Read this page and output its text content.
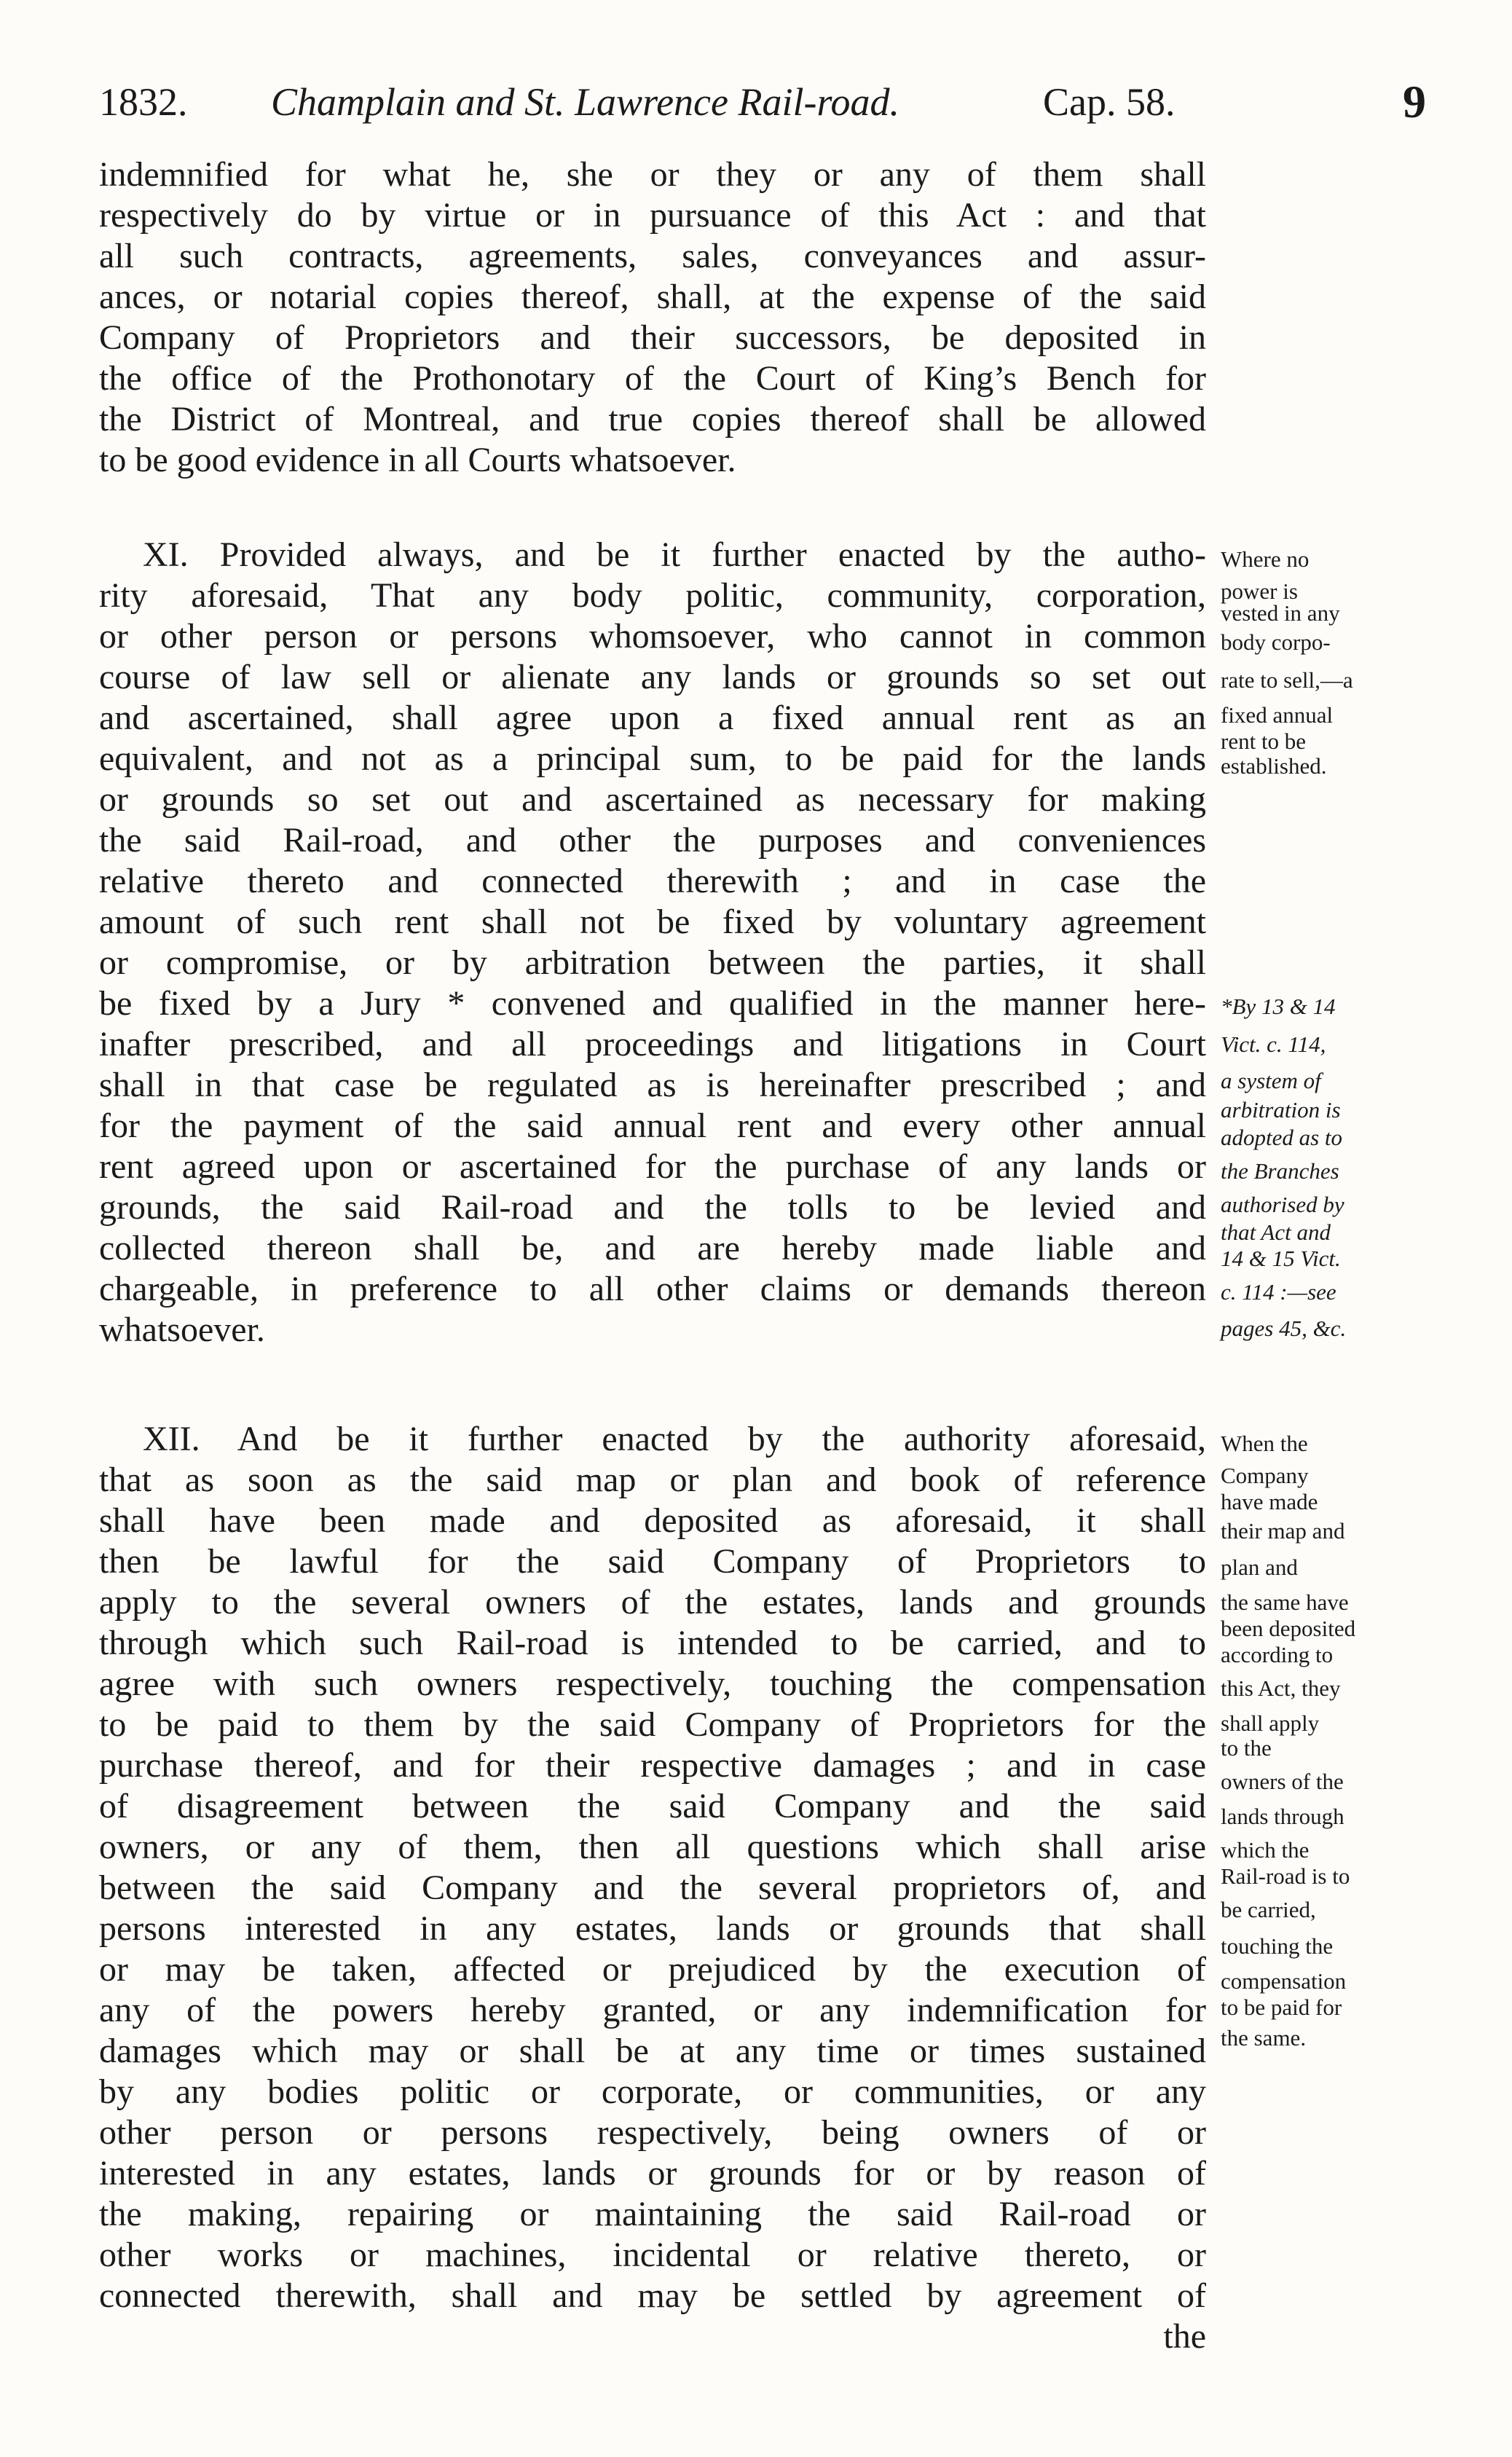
1832. Champlain and St. Lawrence Rail-road.	Cap. 58.	9
indemnified for what he, she or they or any of them shall
respectively do by virtue or in pursuance of this Act : and that
all such contracts, agreements, sales, conveyances and assur-
ances, or notarial copies thereof, shall, at the expense of the said
Company of Proprietors and their successors, be deposited in
the office of the Prothonotary of the Court of King’s Bench for
the District of Montreal, and true copies thereof shall be allowed
to be good evidence in all Courts whatsoever.
XI. Provided always, and be it further enacted by the autho-
rity aforesaid, That any body politic, community, corporation,
or other person or persons whomsoever, who cannot in common
course of law sell or alienate any lands or grounds so set out
and ascertained, shall agree upon a fixed annual rent as an
equivalent, and not as a principal sum, to be paid for the lands
or grounds so set out and ascertained as necessary for making
the said Rail-road, and other the purposes and conveniences
relative thereto and connected therewith ; and in case the
amount of such rent shall not be fixed by voluntary agreement
or compromise, or by arbitration between the parties, it shall
be fixed by a Jury * convened and qualified in the manner here-
inafter prescribed, and all proceedings and litigations in Court
shall in that case be regulated as is hereinafter prescribed ; and
for the payment of the said annual rent and every other annual
rent agreed upon or ascertained for the purchase of any lands or
grounds, the said Rail-road and the tolls to be levied and
collected thereon shall be, and are hereby made liable and
chargeable, in preference to all other claims or demands thereon
whatsoever.
XII. And be it further enacted by the authority aforesaid,
that as soon as the said map or plan and book of reference
shall have been made and deposited as aforesaid, it shall
then be lawful for the said Company of Proprietors to
apply to the several owners of the estates, lands and grounds
through which such Rail-road is intended to be carried, and to
agree with such owners respectively, touching the compensation
to be paid to them by the said Company of Proprietors for the
purchase thereof, and for their respective damages ; and in case
of disagreement between the said Company and the said
owners, or any of them, then all questions which shall arise
between the said Company and the several proprietors of, and
persons interested in any estates, lands or grounds that shall
or may be taken, affected or prejudiced by the execution of
any of the powers hereby granted, or any indemnification for
damages which may or shall be at any time or times sustained
by any bodies politic or corporate, or communities, or any
other person or persons respectively, being owners of or
interested in any estates, lands or grounds for or by reason of
the making, repairing or maintaining the said Rail-road or
other works or machines, incidental or relative thereto, or
connected therewith, shall and may be settled by agreement of
the
Where no
power is
vested in any
body corpo-
rate to sell,—a
fixed annual
rent to be
established.
*By 13 & 14
Vict. c. 114,
a system of
arbitration is
adopted as to
the Branches
authorised by
that Act and
14 & 15 Vict.
c. 114 :—see
pages 45, &c.
When the
Company
have made
their map and
plan and
the same have
been deposited
according to
this Act, they
shall apply
to the
owners of the
lands through
which the
Rail-road is to
be carried,
touching the
compensation
to be paid for
the same.
